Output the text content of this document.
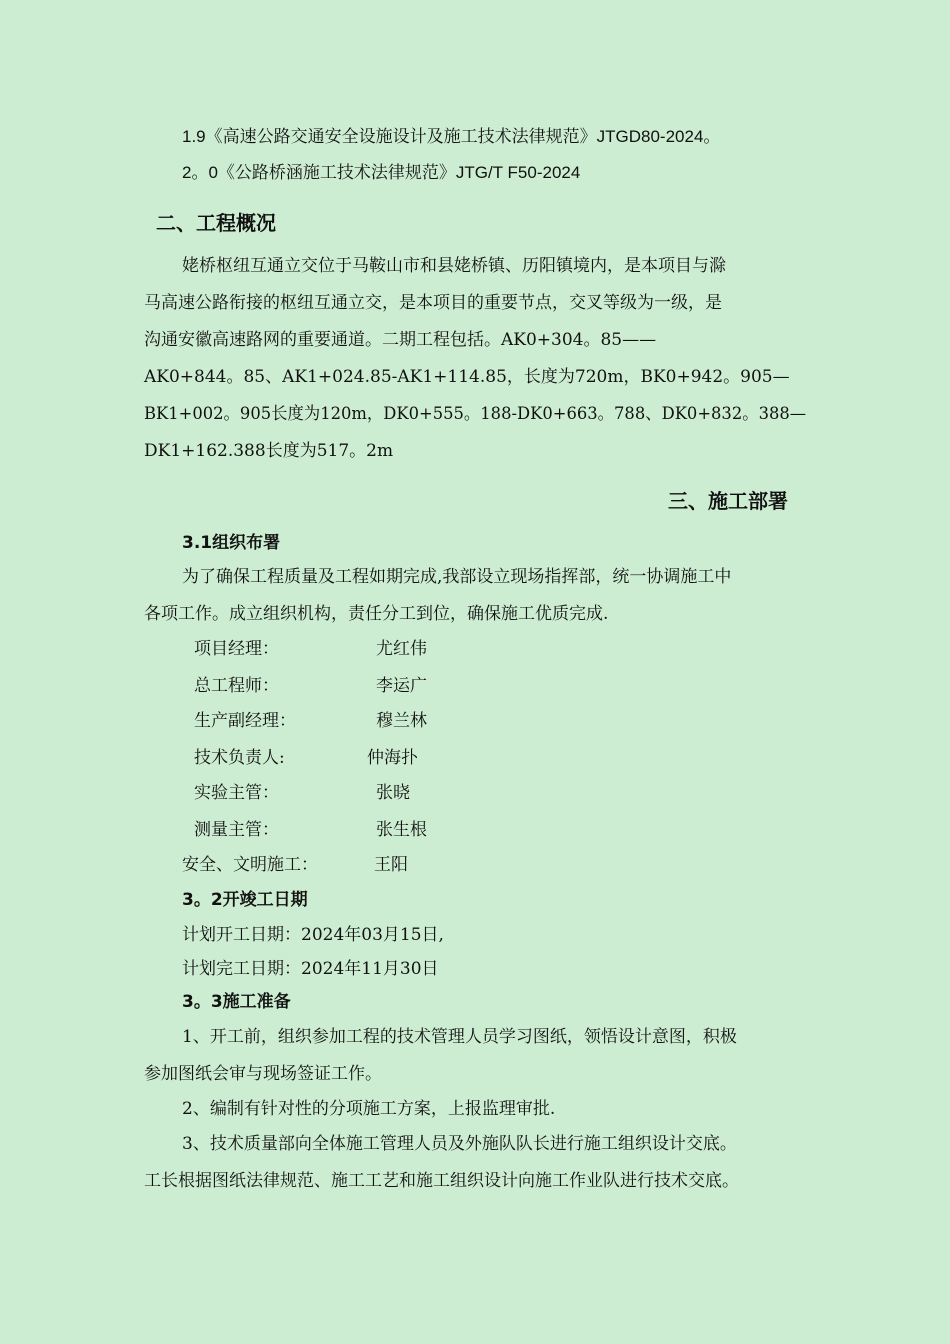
1.9《高速公路交通安全设施设计及施工技术法律规范》JTGD80-2024。
2。0《公路桥涵施工技术法律规范》JTG/T F50-2024
二、工程概况
姥桥枢纽互通立交位于马鞍山市和县姥桥镇、历阳镇境内，是本项目与滁
马高速公路衔接的枢纽互通立交，是本项目的重要节点，交叉等级为一级，是
沟通安徽高速路网的重要通道。二期工程包括。AK0+304。85——
AK0+844。85、AK1+024.85-AK1+114.85，长度为720m，BK0+942。905—
BK1+002。905长度为120m，DK0+555。188-DK0+663。788、DK0+832。388—
DK1+162.388长度为517。2m
三、施工部署
3.1组织布署
为了确保工程质量及工程如期完成,我部设立现场指挥部，统一协调施工中
各项工作。成立组织机构，责任分工到位，确保施工优质完成.
项目经理：	尤红伟
总工程师：	李运广
生产副经理：	穆兰林
技术负责人:	仲海扑
实验主管：	张晓
测量主管：	张生根
安全、文明施工：	王阳
3。2开竣工日期
计划开工日期：2024年03月15日,
计划完工日期：2024年11月30日
3。3施工准备
1、开工前，组织参加工程的技术管理人员学习图纸，领悟设计意图，积极
参加图纸会审与现场签证工作。
2、编制有针对性的分项施工方案，上报监理审批.
3、技术质量部向全体施工管理人员及外施队队长进行施工组织设计交底。
工长根据图纸法律规范、施工工艺和施工组织设计向施工作业队进行技术交底。
